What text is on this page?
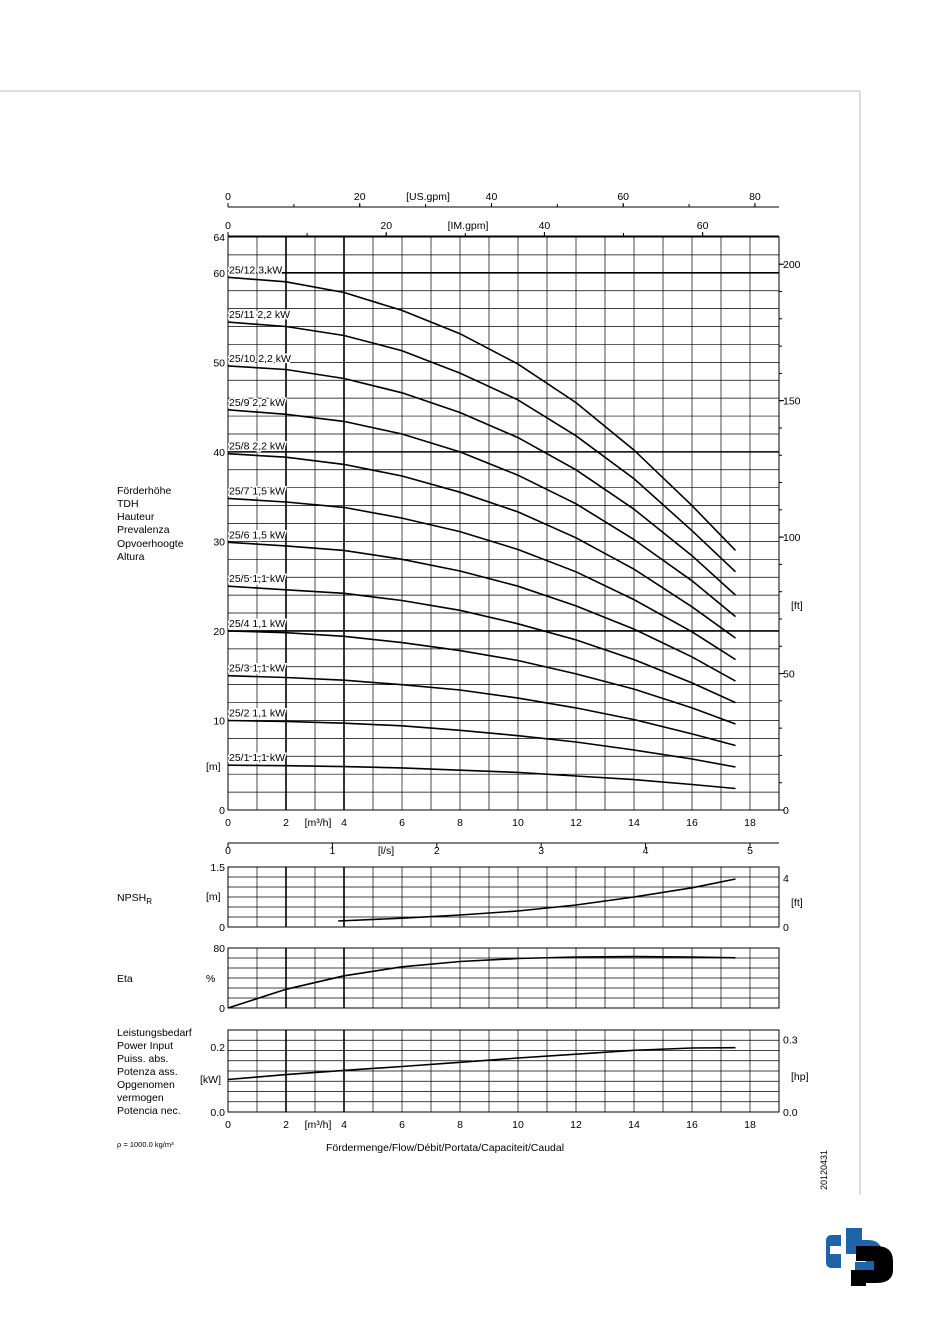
25/12 3 kW
25/11 2,2 kW
25/10 2,2 kW
25/9 2,2 kW
25/8 2,2 kW
25/7 1,5 kW
25/6 1,5 kW
25/5 1,1 kW
25/4 1,1 kW
25/3 1,1 kW
25/2 1,1 kW
25/1 1,1 kW
0	20	40	60	80
0	20	40	60
0
0
2
2
4
4
6
6
8
8
10
10
12
12
14
14
16
16
18
18
0	1	2	3	4	5
0
10
20
30
40
50
60
64
0
50
100
150
200
1.5
0
4
0
80
0
0.2
0.0
0.3
0.0
[US.gpm]
[IM.gpm]
[m]
[ft]
[m³/h]
[l/s]
[m]	[ft]
%
[kW]	[hp]
[m³/h]
Förderhöhe
TDH
Hauteur
Prevalenza
Opvoerhoogte
Altura
$NPSH_R$
Eta
Leistungsbedarf
Power Input
Puiss. abs.
Potenza ass.
Opgenomen
vermogen
Potencia nec.
ρ = 1000.0 kg/m³	Fördermenge/Flow/Débit/Portata/Capaciteit/Caudal
20120431
